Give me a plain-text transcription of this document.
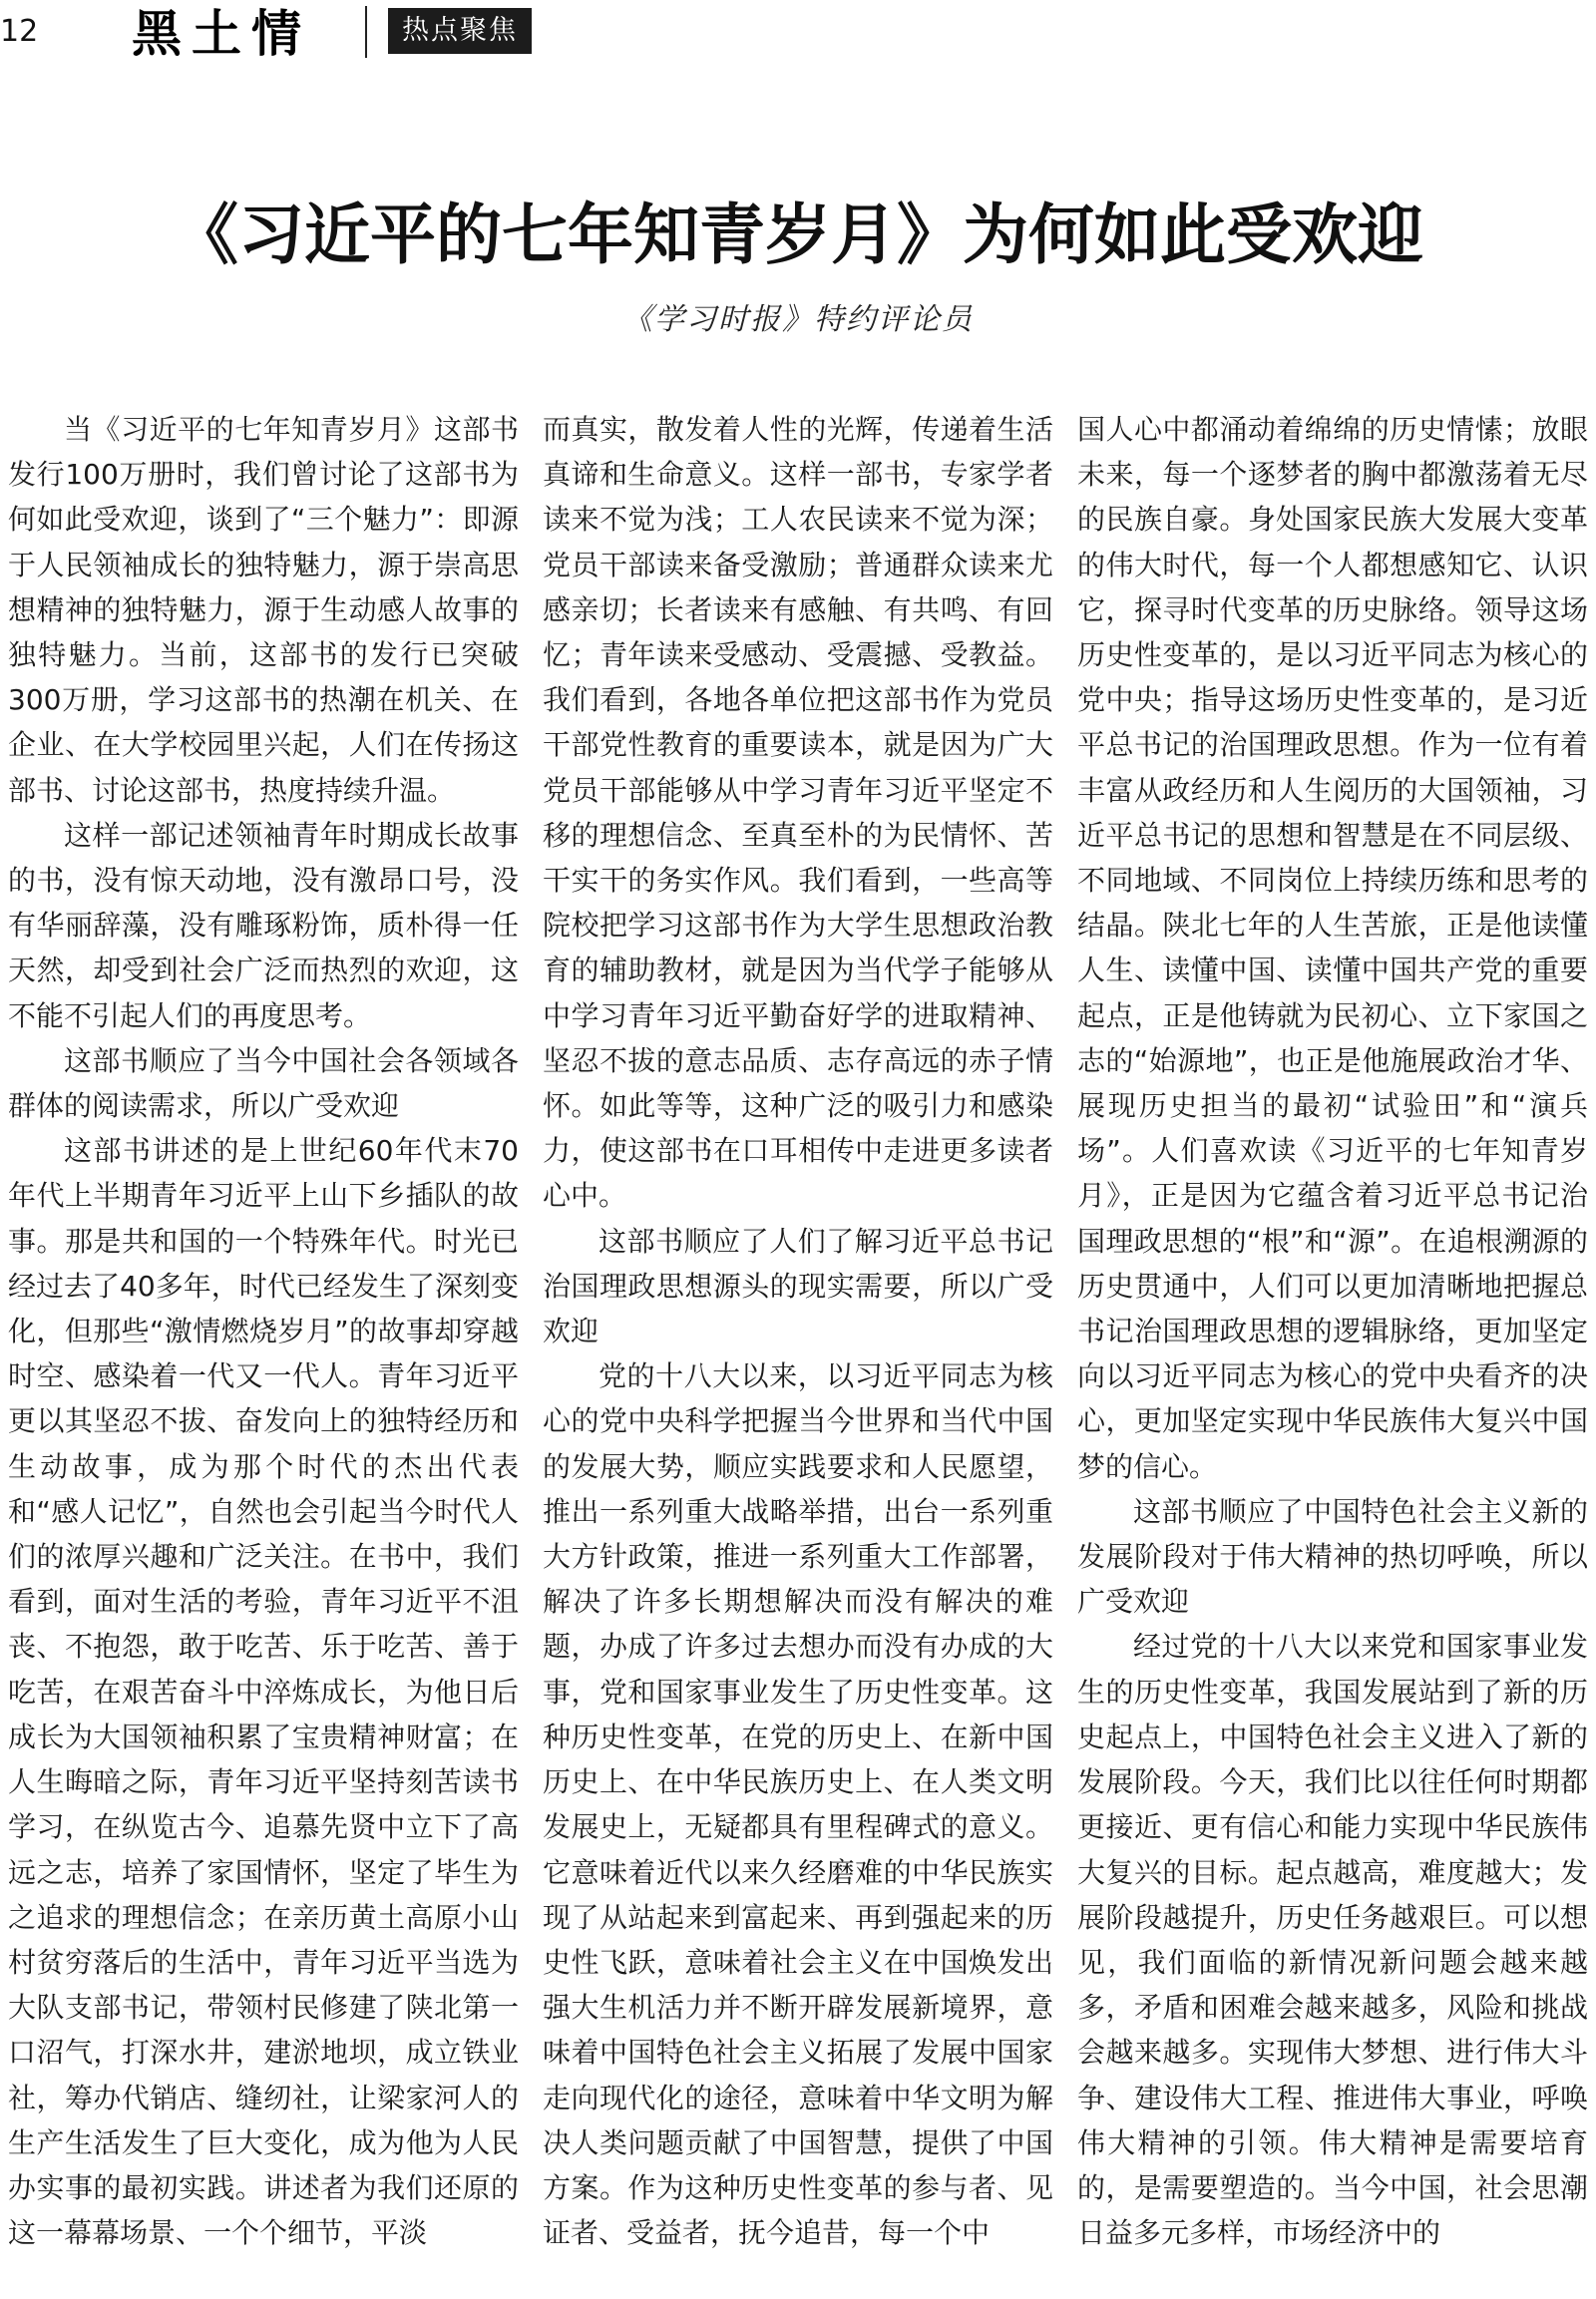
12 黑土情	热点聚焦
《习近平的七年知青岁月》为何如此受欢迎
《学习时报》特约评论员

当《习近平的七年知青岁月》这部书发行100万册时，我们曾讨论了这部书为何如此受欢迎，谈到了“三个魅力”：即源于人民领袖成长的独特魅力，源于崇高思想精神的独特魅力，源于生动感人故事的独特魅力。当前，这部书的发行已突破300万册，学习这部书的热潮在机关、在企业、在大学校园里兴起，人们在传扬这部书、讨论这部书，热度持续升温。

这样一部记述领袖青年时期成长故事的书，没有惊天动地，没有激昂口号，没有华丽辞藻，没有雕琢粉饰，质朴得一任天然，却受到社会广泛而热烈的欢迎，这不能不引起人们的再度思考。

这部书顺应了当今中国社会各领域各群体的阅读需求，所以广受欢迎

这部书讲述的是上世纪60年代末70年代上半期青年习近平上山下乡插队的故事。那是共和国的一个特殊年代。时光已经过去了40多年，时代已经发生了深刻变化，但那些“激情燃烧岁月”的故事却穿越时空、感染着一代又一代人。青年习近平更以其坚忍不拔、奋发向上的独特经历和生动故事，成为那个时代的杰出代表和“感人记忆”，自然也会引起当今时代人们的浓厚兴趣和广泛关注。在书中，我们看到，面对生活的考验，青年习近平不沮丧、不抱怨，敢于吃苦、乐于吃苦、善于吃苦，在艰苦奋斗中淬炼成长，为他日后成长为大国领袖积累了宝贵精神财富；在人生晦暗之际，青年习近平坚持刻苦读书学习，在纵览古今、追慕先贤中立下了高远之志，培养了家国情怀，坚定了毕生为之追求的理想信念；在亲历黄土高原小山村贫穷落后的生活中，青年习近平当选为大队支部书记，带领村民修建了陕北第一口沼气，打深水井，建淤地坝，成立铁业社，筹办代销店、缝纫社，让梁家河人的生产生活发生了巨大变化，成为他为人民办实事的最初实践。讲述者为我们还原的这一幕幕场景、一个个细节，平淡

而真实，散发着人性的光辉，传递着生活真谛和生命意义。这样一部书，专家学者读来不觉为浅；工人农民读来不觉为深；党员干部读来备受激励；普通群众读来尤感亲切；长者读来有感触、有共鸣、有回忆；青年读来受感动、受震撼、受教益。我们看到，各地各单位把这部书作为党员干部党性教育的重要读本，就是因为广大党员干部能够从中学习青年习近平坚定不移的理想信念、至真至朴的为民情怀、苦干实干的务实作风。我们看到，一些高等院校把学习这部书作为大学生思想政治教育的辅助教材，就是因为当代学子能够从中学习青年习近平勤奋好学的进取精神、坚忍不拔的意志品质、志存高远的赤子情怀。如此等等，这种广泛的吸引力和感染力，使这部书在口耳相传中走进更多读者心中。

这部书顺应了人们了解习近平总书记治国理政思想源头的现实需要，所以广受欢迎

党的十八大以来，以习近平同志为核心的党中央科学把握当今世界和当代中国的发展大势，顺应实践要求和人民愿望，推出一系列重大战略举措，出台一系列重大方针政策，推进一系列重大工作部署，解决了许多长期想解决而没有解决的难题，办成了许多过去想办而没有办成的大事，党和国家事业发生了历史性变革。这种历史性变革，在党的历史上、在新中国历史上、在中华民族历史上、在人类文明发展史上，无疑都具有里程碑式的意义。它意味着近代以来久经磨难的中华民族实现了从站起来到富起来、再到强起来的历史性飞跃，意味着社会主义在中国焕发出强大生机活力并不断开辟发展新境界，意味着中国特色社会主义拓展了发展中国家走向现代化的途径，意味着中华文明为解决人类问题贡献了中国智慧，提供了中国方案。作为这种历史性变革的参与者、见证者、受益者，抚今追昔，每一个中

国人心中都涌动着绵绵的历史情愫；放眼未来，每一个逐梦者的胸中都激荡着无尽的民族自豪。身处国家民族大发展大变革的伟大时代，每一个人都想感知它、认识它，探寻时代变革的历史脉络。领导这场历史性变革的，是以习近平同志为核心的党中央；指导这场历史性变革的，是习近平总书记的治国理政思想。作为一位有着丰富从政经历和人生阅历的大国领袖，习近平总书记的思想和智慧是在不同层级、不同地域、不同岗位上持续历练和思考的结晶。陕北七年的人生苦旅，正是他读懂人生、读懂中国、读懂中国共产党的重要起点，正是他铸就为民初心、立下家国之志的“始源地”，也正是他施展政治才华、展现历史担当的最初“试验田”和“演兵场”。人们喜欢读《习近平的七年知青岁月》，正是因为它蕴含着习近平总书记治国理政思想的“根”和“源”。在追根溯源的历史贯通中，人们可以更加清晰地把握总书记治国理政思想的逻辑脉络，更加坚定向以习近平同志为核心的党中央看齐的决心，更加坚定实现中华民族伟大复兴中国梦的信心。

这部书顺应了中国特色社会主义新的发展阶段对于伟大精神的热切呼唤，所以广受欢迎

经过党的十八大以来党和国家事业发生的历史性变革，我国发展站到了新的历史起点上，中国特色社会主义进入了新的发展阶段。今天，我们比以往任何时期都更接近、更有信心和能力实现中华民族伟大复兴的目标。起点越高，难度越大；发展阶段越提升，历史任务越艰巨。可以想见，我们面临的新情况新问题会越来越多，矛盾和困难会越来越多，风险和挑战会越来越多。实现伟大梦想、进行伟大斗争、建设伟大工程、推进伟大事业，呼唤伟大精神的引领。伟大精神是需要培育的，是需要塑造的。当今中国，社会思潮日益多元多样，市场经济中的
